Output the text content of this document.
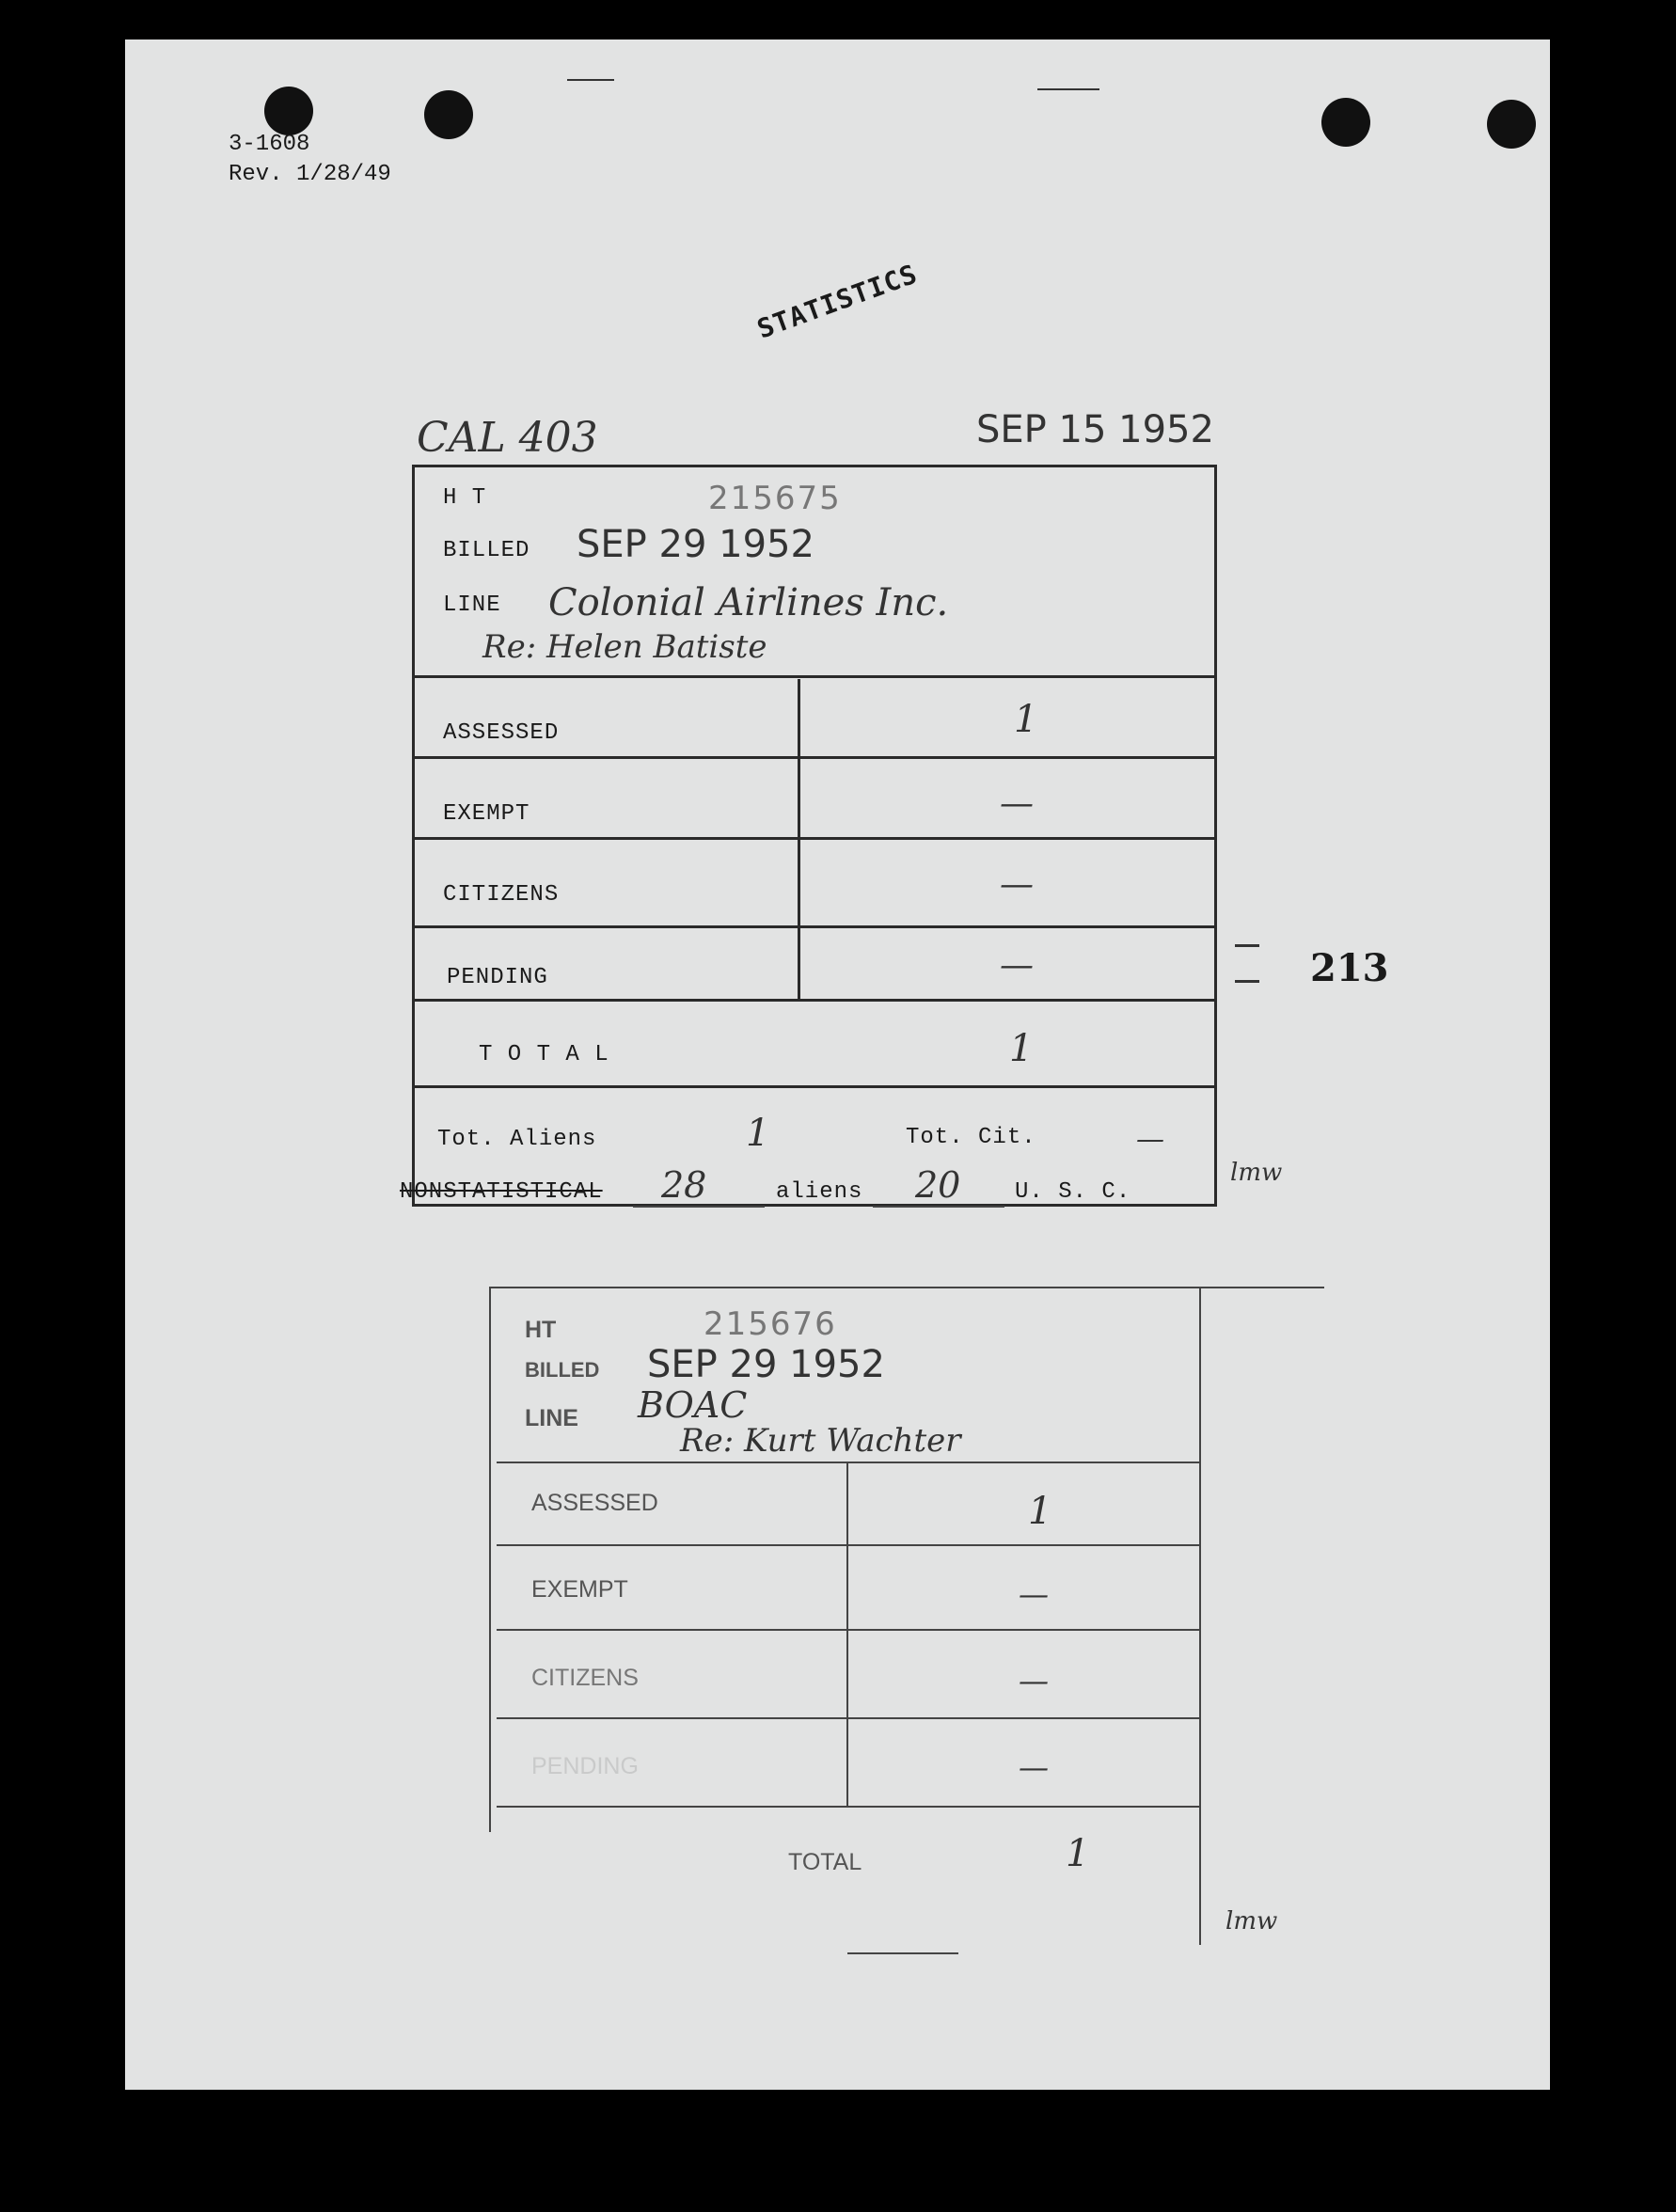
3-1608
Rev. 1/28/49
STATISTICS
CAL 403	SEP 15 1952
H T	215675
BILLED SEP 29 1952
LINE Colonial Airlines Inc.
Re: Helen Batiste
ASSESSED	1
EXEMPT	—
CITIZENS	—
PENDING	—
T O T A L	1
Tot. Aliens	1	Tot. Cit.	—
lmw
213
NONSTATISTICAL 28	aliens 20 U. S. C.
HT	215676
BILLED SEP 29 1952
LINE BOAC
Re: Kurt Wachter
ASSESSED	1
EXEMPT	—
CITIZENS	—
PENDING	—
TOTAL	1
lmw
